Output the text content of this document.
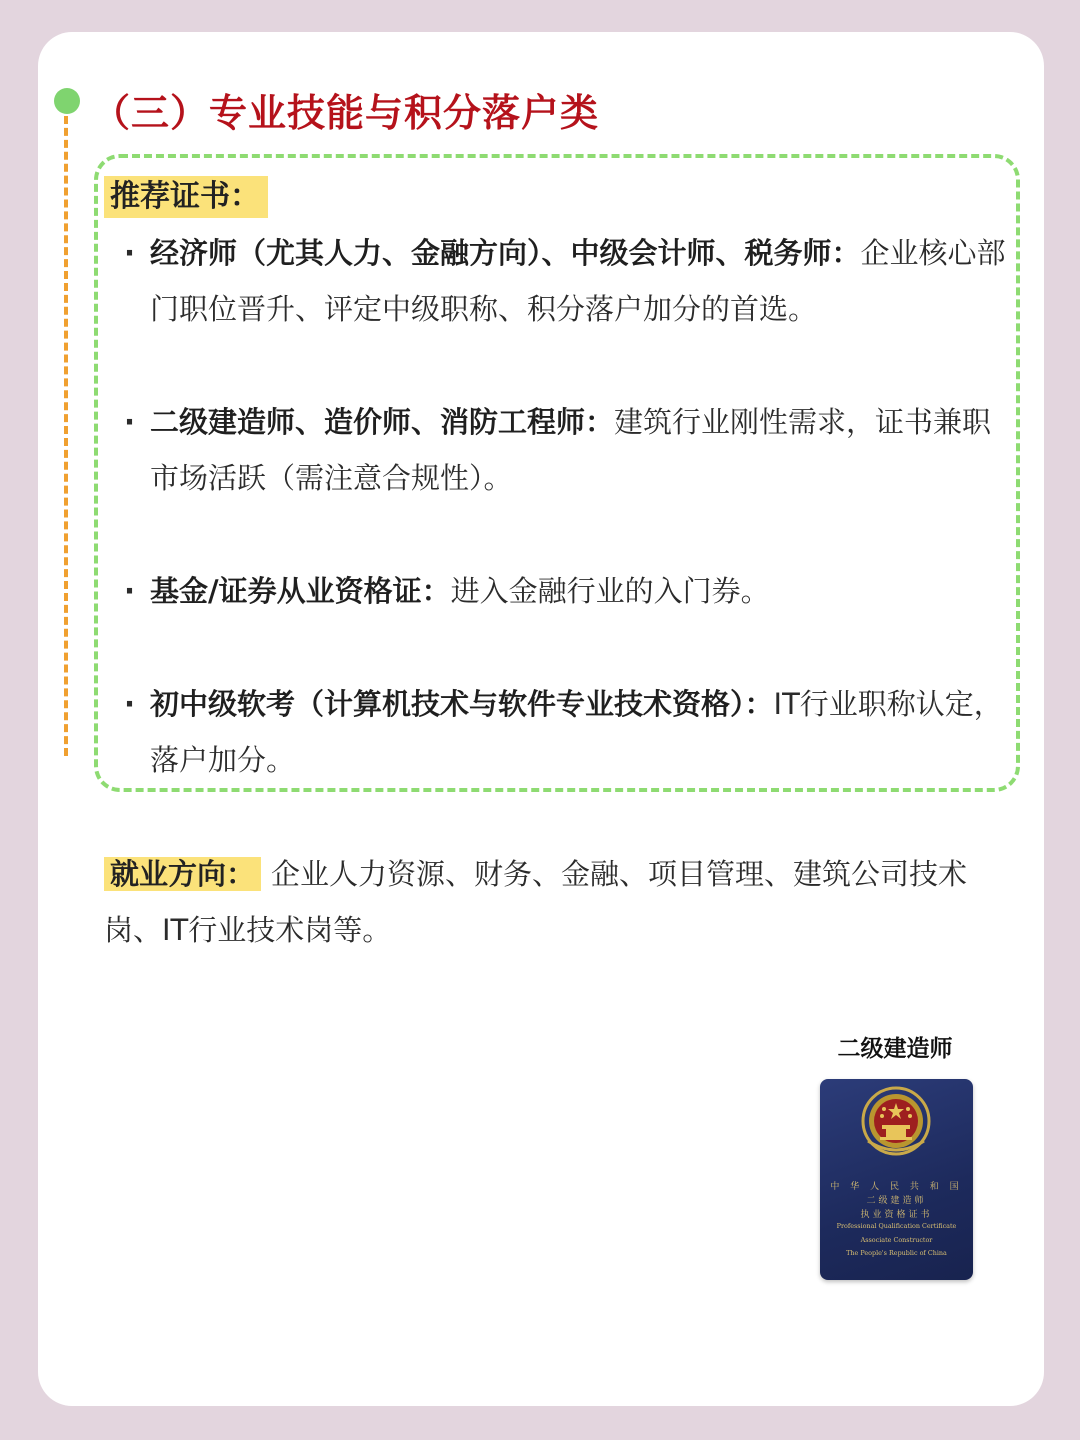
（三）专业技能与积分落户类
推荐证书：
· 经济师（尤其人力、金融方向）、中级会计师、税务师：企业核心部门职位晋升、评定中级职称、积分落户加分的首选。
· 二级建造师、造价师、消防工程师：建筑行业刚性需求，证书兼职市场活跃（需注意合规性）。
· 基金/证券从业资格证：进入金融行业的入门券。
· 初中级软考（计算机技术与软件专业技术资格）：IT行业职称认定，落户加分。
就业方向： 企业人力资源、财务、金融、项目管理、建筑公司技术岗、IT行业技术岗等。
二级建造师
中 华 人 民 共 和 国
二级建造师
执业资格证书
Professional Qualification Certificate
Associate Constructor
The People's Republic of China
